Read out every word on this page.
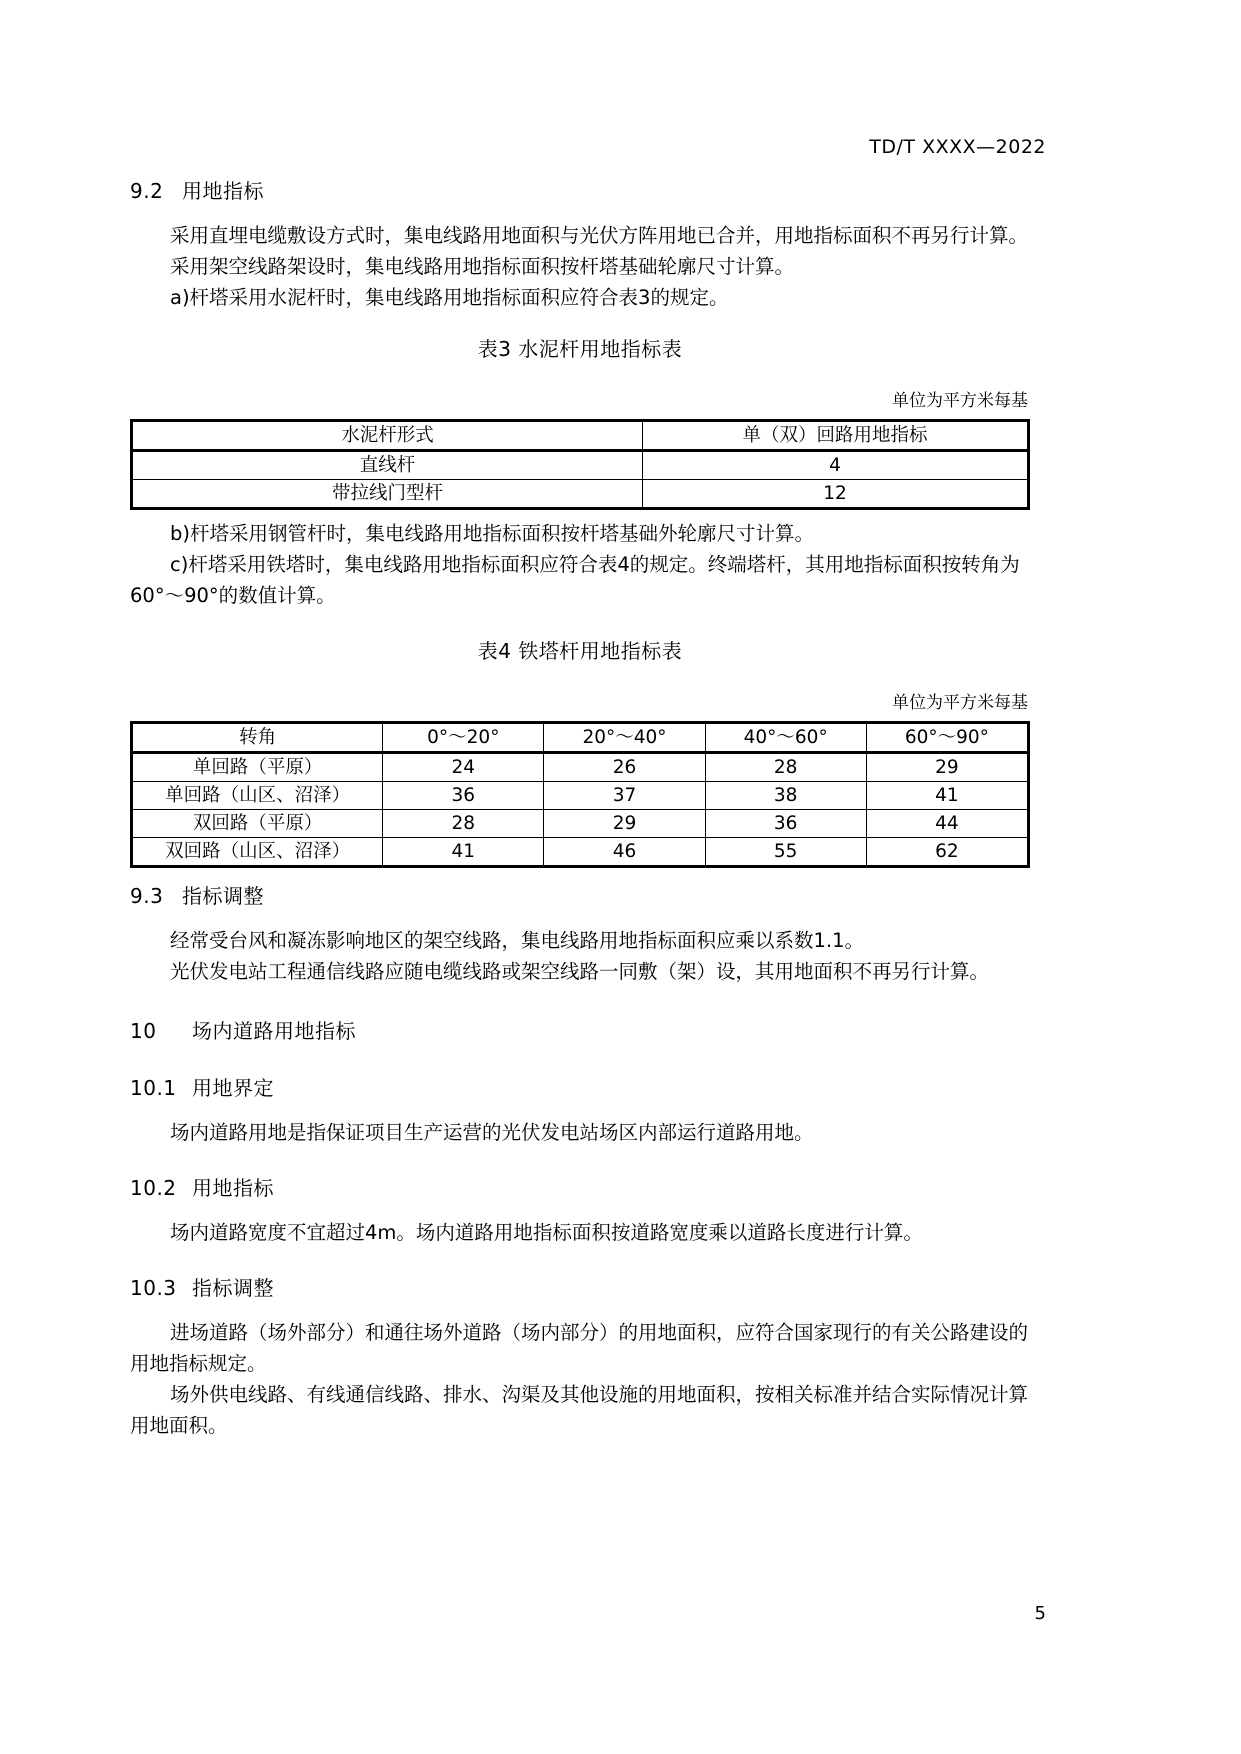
TD/T XXXX—2022
9.2 用地指标

采用直埋电缆敷设方式时，集电线路用地面积与光伏方阵用地已合并，用地指标面积不再另行计算。

采用架空线路架设时，集电线路用地指标面积按杆塔基础轮廓尺寸计算。

a)杆塔采用水泥杆时，集电线路用地指标面积应符合表3的规定。

表3 水泥杆用地指标表

单位为平方米每基

水泥杆形式	单（双）回路用地指标
直线杆	4
带拉线门型杆	12

b)杆塔采用钢管杆时，集电线路用地指标面积按杆塔基础外轮廓尺寸计算。

c)杆塔采用铁塔时，集电线路用地指标面积应符合表4的规定。终端塔杆，其用地指标面积按转角为60°～90°的数值计算。

表4 铁塔杆用地指标表

单位为平方米每基

转角	0°～20°	20°～40°	40°～60°	60°～90°
单回路（平原）	24	26	28	29
单回路（山区、沼泽）	36	37	38	41
双回路（平原）	28	29	36	44
双回路（山区、沼泽）	41	46	55	62
9.3 指标调整

经常受台风和凝冻影响地区的架空线路，集电线路用地指标面积应乘以系数1.1。

光伏发电站工程通信线路应随电缆线路或架空线路一同敷（架）设，其用地面积不再另行计算。

10 场内道路用地指标
10.1 用地界定

场内道路用地是指保证项目生产运营的光伏发电站场区内部运行道路用地。

10.2 用地指标

场内道路宽度不宜超过4m。场内道路用地指标面积按道路宽度乘以道路长度进行计算。

10.3 指标调整

进场道路（场外部分）和通往场外道路（场内部分）的用地面积，应符合国家现行的有关公路建设的用地指标规定。

场外供电线路、有线通信线路、排水、沟渠及其他设施的用地面积，按相关标准并结合实际情况计算用地面积。

5
